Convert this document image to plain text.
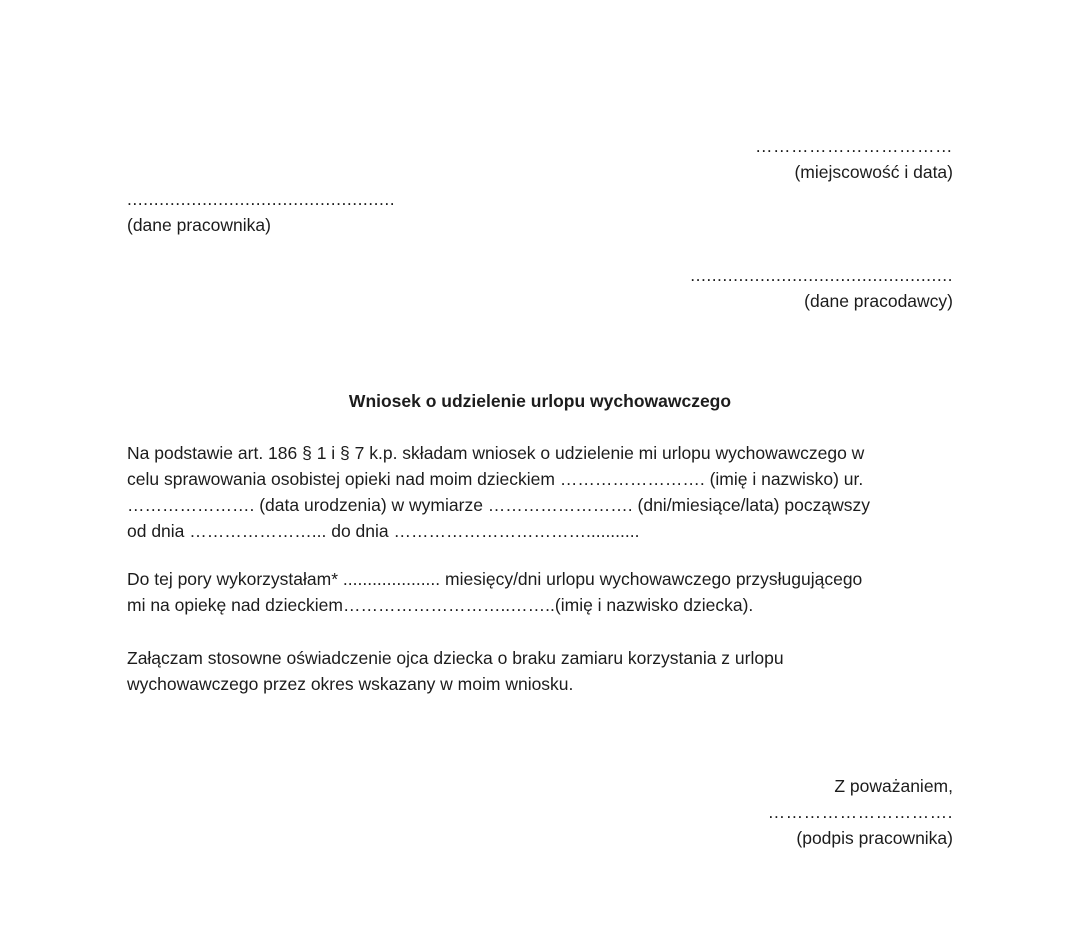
……………………………
(miejscowość i data)
..................................................
(dane pracownika)
.................................................
(dane pracodawcy)
Wniosek o udzielenie urlopu wychowawczego
Na podstawie art. 186 § 1 i § 7 k.p. składam wniosek o udzielenie mi urlopu wychowawczego w
celu sprawowania osobistej opieki nad moim dzieckiem ……………………. (imię i nazwisko) ur.
…………………. (data urodzenia) w wymiarze ……………………. (dni/miesiące/lata) począwszy
od dnia …………………... do dnia ……………………………...........
Do tej pory wykorzystałam* .................... miesięcy/dni urlopu wychowawczego przysługującego
mi na opiekę nad dzieckiem………………………..……..(imię i nazwisko dziecka).
Załączam stosowne oświadczenie ojca dziecka o braku zamiaru korzystania z urlopu
wychowawczego przez okres wskazany w moim wniosku.
Z poważaniem,
………………………….
(podpis pracownika)
